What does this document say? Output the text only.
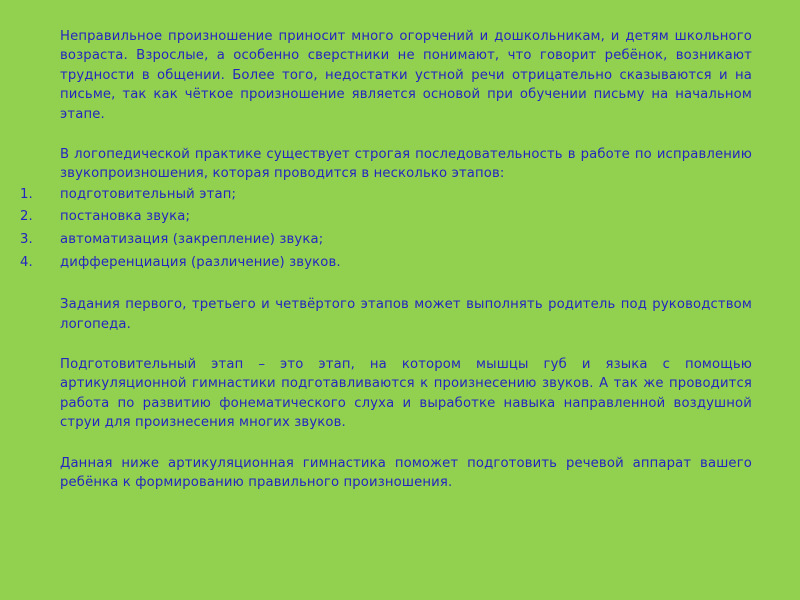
Неправильное произношение приносит много огорчений и дошкольникам, и детям школьного возраста. Взрослые, а особенно сверстники не понимают, что говорит ребёнок, возникают трудности в общении. Более того, недостатки устной речи отрицательно сказываются и на письме, так как чёткое произношение является основой при обучении письму на начальном этапе.

В логопедической практике существует строгая последовательность в работе по исправлению звукопроизношения, которая проводится в несколько этапов:

1.	подготовительный этап;
2.	постановка звука;
3.	автоматизация (закрепление) звука;
4.	дифференциация (различение) звуков.

Задания первого, третьего и четвёртого этапов может выполнять родитель под руководством логопеда.

Подготовительный этап – это этап, на котором мышцы губ и языка с помощью артикуляционной гимнастики подготавливаются к произнесению звуков. А так же проводится работа по развитию фонематического слуха и выработке навыка направленной воздушной струи для произнесения многих звуков.

Данная ниже артикуляционная гимнастика поможет подготовить речевой аппарат вашего ребёнка к формированию правильного произношения.
